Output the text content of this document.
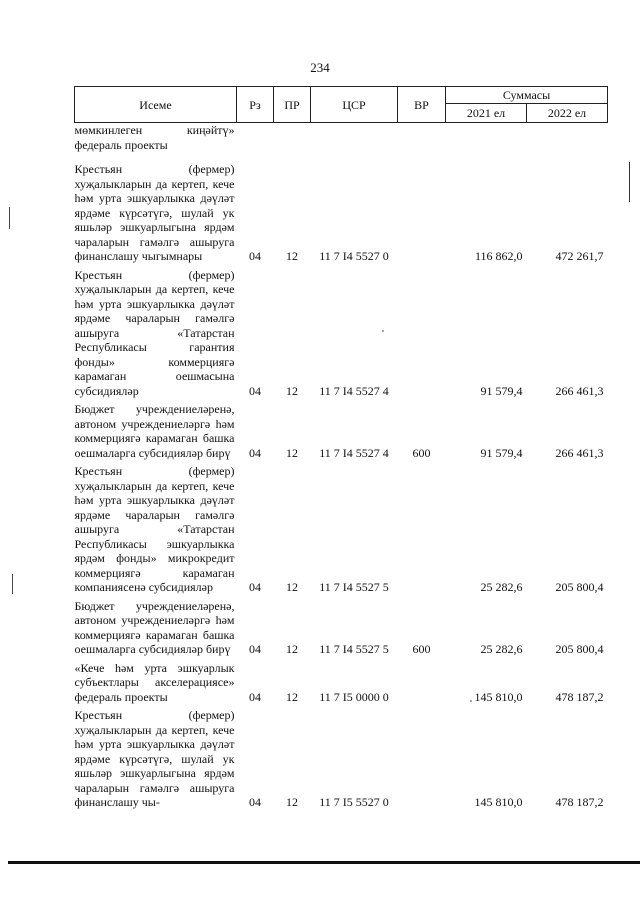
234
Исеме	Рз	ПР	ЦСР	ВР	Суммасы	
					2021 ел	2022 ел
мөмкинлеген киңәйтү» федераль проекты						
Крестьян (фермер) хуҗалыкларын да кертеп, кече һәм урта эшкуарлыкка дәүләт ярдәме күрсәтүгә, шулай ук яшьләр эшкуарлыгына ярдәм чараларын гамәлгә ашыруга финанслашу чыгымнары	04	12	11 7 I4 5527 0		116 862,0	472 261,7
Крестьян (фермер) хуҗалыкларын да кертеп, кече һәм урта эшкуарлыкка дәүләт ярдәме чараларын гамәлгә ашыруга «Татарстан Республикасы гарантия фонды» коммерциягә карамаган оешмасына субсидияләр	04	12	11 7 I4 5527 4		91 579,4	266 461,3
Бюджет учреждениеләренә, автоном учреждениеләргә һәм коммерциягә карамаган башка оешмаларга субсидияләр бирү	04	12	11 7 I4 5527 4	600	91 579,4	266 461,3
Крестьян (фермер) хуҗалыкларын да кертеп, кече һәм урта эшкуарлыкка дәүләт ярдәме чараларын гамәлгә ашыруга «Татарстан Республикасы эшкуарлыкка ярдәм фонды» микрокредит коммерциягә карамаган компаниясенә субсидияләр	04	12	11 7 I4 5527 5		25 282,6	205 800,4
Бюджет учреждениеләренә, автоном учреждениеләргә һәм коммерциягә карамаган башка оешмаларга субсидияләр бирү	04	12	11 7 I4 5527 5	600	25 282,6	205 800,4
«Кече һәм урта эшкуарлык субъектлары акселерациясе» федераль проекты	04	12	11 7 I5 0000 0		145 810,0	478 187,2
Крестьян (фермер) хуҗалыкларын да кертеп, кече һәм урта эшкуарлыкка дәүләт ярдәме күрсәтүгә, шулай ук яшьләр эшкуарлыгына ярдәм чараларын гамәлгә ашыруга финанслашу чы-	04	12	11 7 I5 5527 0		145 810,0	478 187,2
